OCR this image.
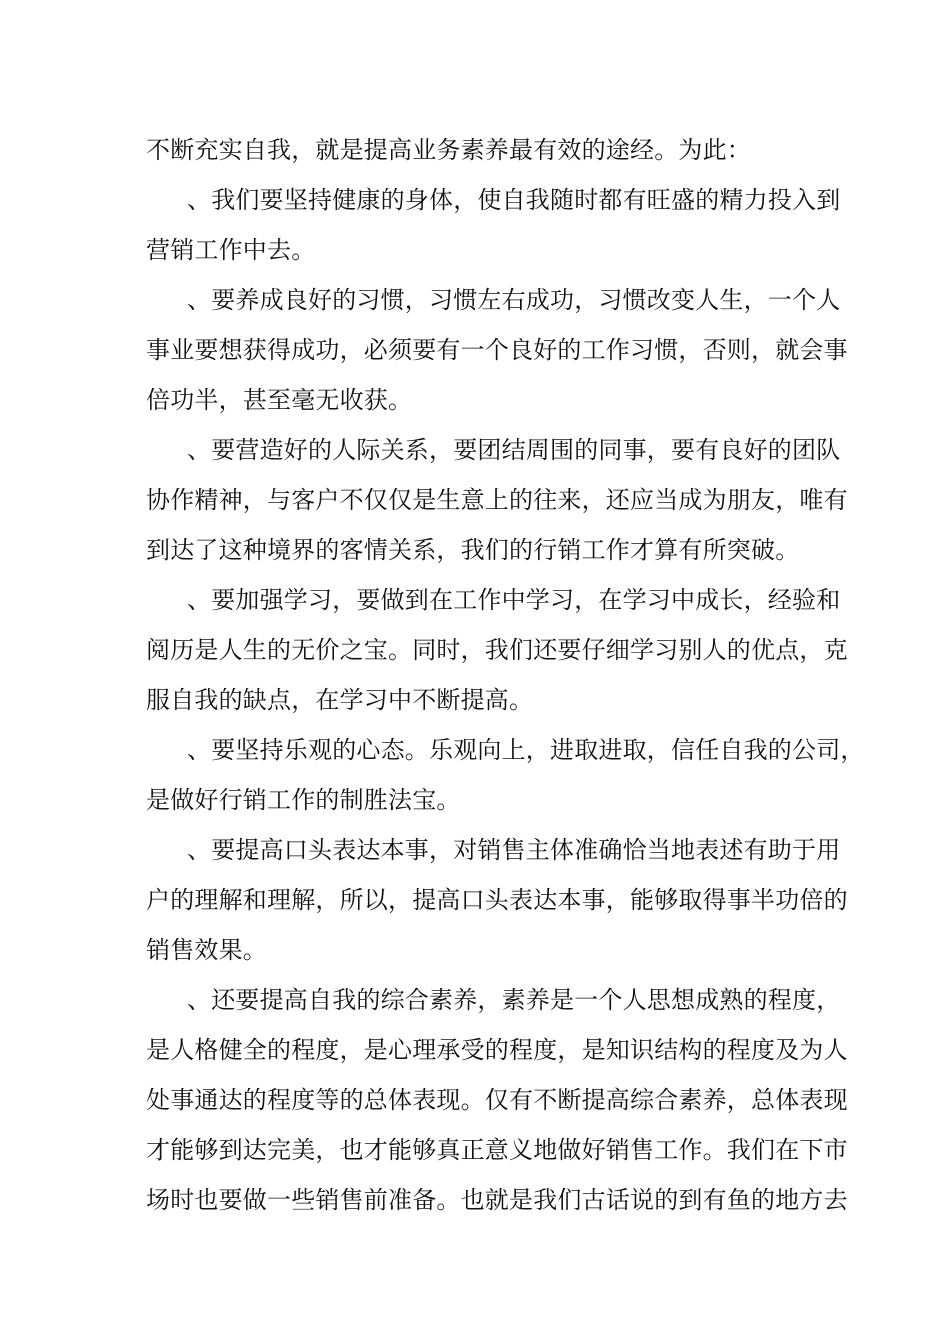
不断充实自我，就是提高业务素养最有效的途经。为此：
、我们要坚持健康的身体，使自我随时都有旺盛的精力投入到
营销工作中去。
、要养成良好的习惯，习惯左右成功，习惯改变人生，一个人
事业要想获得成功，必须要有一个良好的工作习惯，否则，就会事
倍功半，甚至毫无收获。
、要营造好的人际关系，要团结周围的同事，要有良好的团队
协作精神，与客户不仅仅是生意上的往来，还应当成为朋友，唯有
到达了这种境界的客情关系，我们的行销工作才算有所突破。
、要加强学习，要做到在工作中学习，在学习中成长，经验和
阅历是人生的无价之宝。同时，我们还要仔细学习别人的优点，克
服自我的缺点，在学习中不断提高。
、要坚持乐观的心态。乐观向上，进取进取，信任自我的公司，
是做好行销工作的制胜法宝。
、要提高口头表达本事，对销售主体准确恰当地表述有助于用
户的理解和理解，所以，提高口头表达本事，能够取得事半功倍的
销售效果。
、还要提高自我的综合素养，素养是一个人思想成熟的程度，
是人格健全的程度，是心理承受的程度，是知识结构的程度及为人
处事通达的程度等的总体表现。仅有不断提高综合素养，总体表现
才能够到达完美，也才能够真正意义地做好销售工作。我们在下市
场时也要做一些销售前准备。也就是我们古话说的到有鱼的地方去
